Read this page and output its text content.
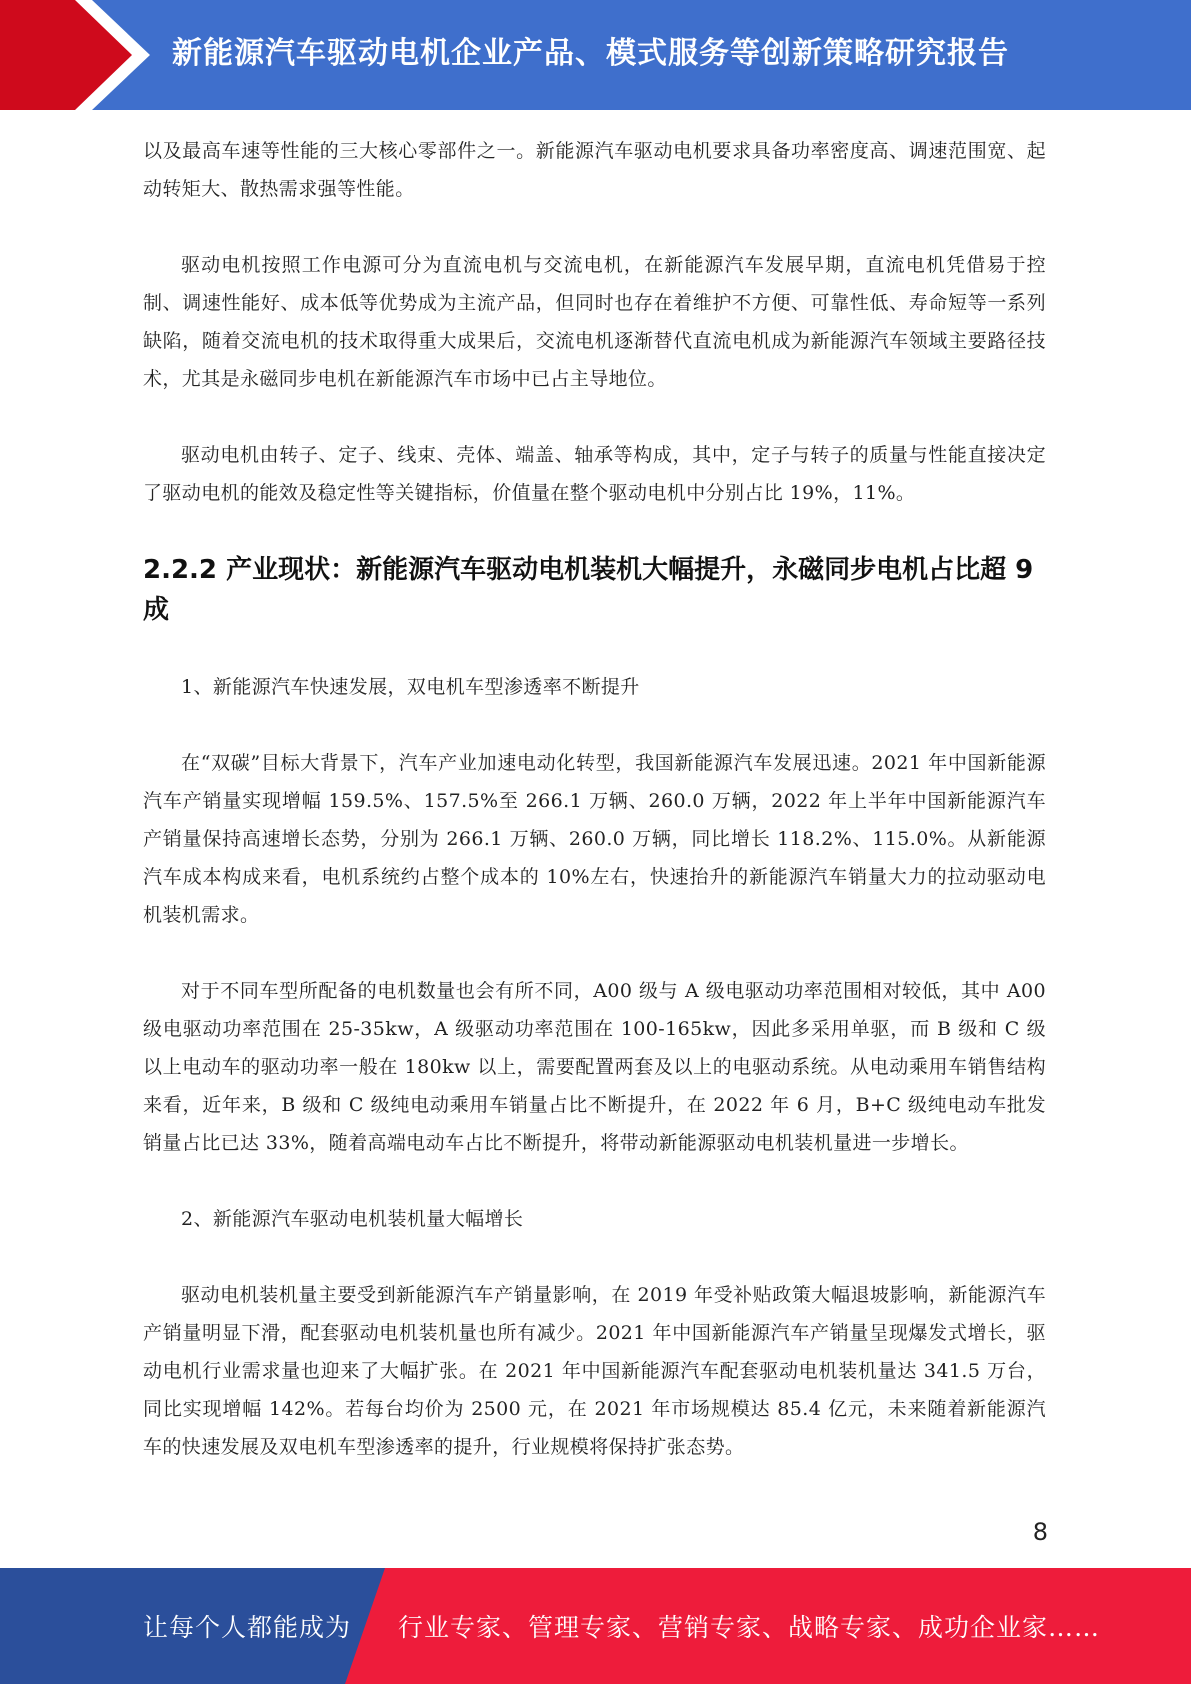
新能源汽车驱动电机企业产品、模式服务等创新策略研究报告

以及最高车速等性能的三大核心零部件之一。新能源汽车驱动电机要求具备功率密度高、调速范围宽、起动转矩大、散热需求强等性能。

驱动电机按照工作电源可分为直流电机与交流电机，在新能源汽车发展早期，直流电机凭借易于控制、调速性能好、成本低等优势成为主流产品，但同时也存在着维护不方便、可靠性低、寿命短等一系列缺陷，随着交流电机的技术取得重大成果后，交流电机逐渐替代直流电机成为新能源汽车领域主要路径技术，尤其是永磁同步电机在新能源汽车市场中已占主导地位。

驱动电机由转子、定子、线束、壳体、端盖、轴承等构成，其中，定子与转子的质量与性能直接决定了驱动电机的能效及稳定性等关键指标，价值量在整个驱动电机中分别占比 19%，11%。

2.2.2 产业现状：新能源汽车驱动电机装机大幅提升，永磁同步电机占比超 9 成

1、新能源汽车快速发展，双电机车型渗透率不断提升

在“双碳”目标大背景下，汽车产业加速电动化转型，我国新能源汽车发展迅速。2021 年中国新能源汽车产销量实现增幅 159.5%、157.5%至 266.1 万辆、260.0 万辆，2022 年上半年中国新能源汽车产销量保持高速增长态势，分别为 266.1 万辆、260.0 万辆，同比增长 118.2%、115.0%。从新能源汽车成本构成来看，电机系统约占整个成本的 10%左右，快速抬升的新能源汽车销量大力的拉动驱动电机装机需求。

对于不同车型所配备的电机数量也会有所不同，A00 级与 A 级电驱动功率范围相对较低，其中 A00 级电驱动功率范围在 25-35kw，A 级驱动功率范围在 100-165kw，因此多采用单驱，而 B 级和 C 级以上电动车的驱动功率一般在 180kw 以上，需要配置两套及以上的电驱动系统。从电动乘用车销售结构来看，近年来，B 级和 C 级纯电动乘用车销量占比不断提升，在 2022 年 6 月，B+C 级纯电动车批发销量占比已达 33%，随着高端电动车占比不断提升，将带动新能源驱动电机装机量进一步增长。

2、新能源汽车驱动电机装机量大幅增长

驱动电机装机量主要受到新能源汽车产销量影响，在 2019 年受补贴政策大幅退坡影响，新能源汽车产销量明显下滑，配套驱动电机装机量也所有减少。2021 年中国新能源汽车产销量呈现爆发式增长，驱动电机行业需求量也迎来了大幅扩张。在 2021 年中国新能源汽车配套驱动电机装机量达 341.5 万台，同比实现增幅 142%。若每台均价为 2500 元，在 2021 年市场规模达 85.4 亿元，未来随着新能源汽车的快速发展及双电机车型渗透率的提升，行业规模将保持扩张态势。

8
让每个人都能成为 行业专家、管理专家、营销专家、战略专家、成功企业家……
